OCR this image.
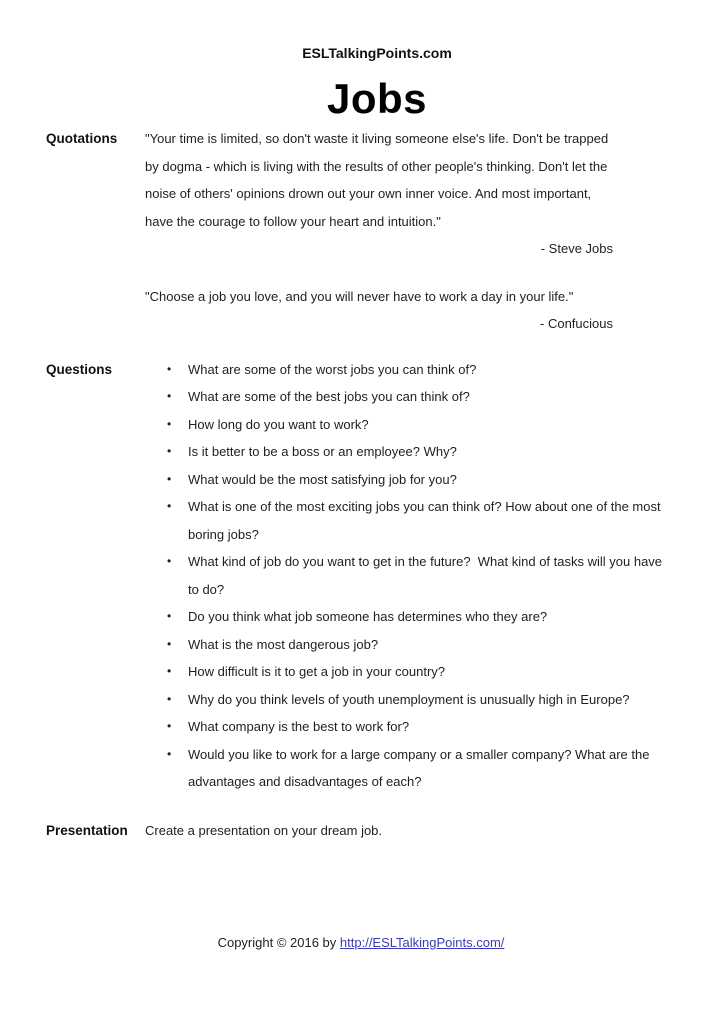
ESLTalkingPoints.com
Jobs
Quotations	"Your time is limited, so don't waste it living someone else's life. Don't be trapped by dogma - which is living with the results of other people's thinking. Don't let the noise of others' opinions drown out your own inner voice. And most important, have the courage to follow your heart and intuition."

- Steve Jobs

"Choose a job you love, and you will never have to work a day in your life."

- Confucious

Questions	• What are some of the worst jobs you can think of?
• What are some of the best jobs you can think of?
• How long do you want to work?
• Is it better to be a boss or an employee? Why?
• What would be the most satisfying job for you?
• What is one of the most exciting jobs you can think of? How about one of the most boring jobs?
• What kind of job do you want to get in the future?  What kind of tasks will you have to do?
• Do you think what job someone has determines who they are?
• What is the most dangerous job?
• How difficult is it to get a job in your country?
• Why do you think levels of youth unemployment is unusually high in Europe?
• What company is the best to work for?
• Would you like to work for a large company or a smaller company? What are the advantages and disadvantages of each?
Presentation	Create a presentation on your dream job.

Copyright © 2016 by http://ESLTalkingPoints.com/
